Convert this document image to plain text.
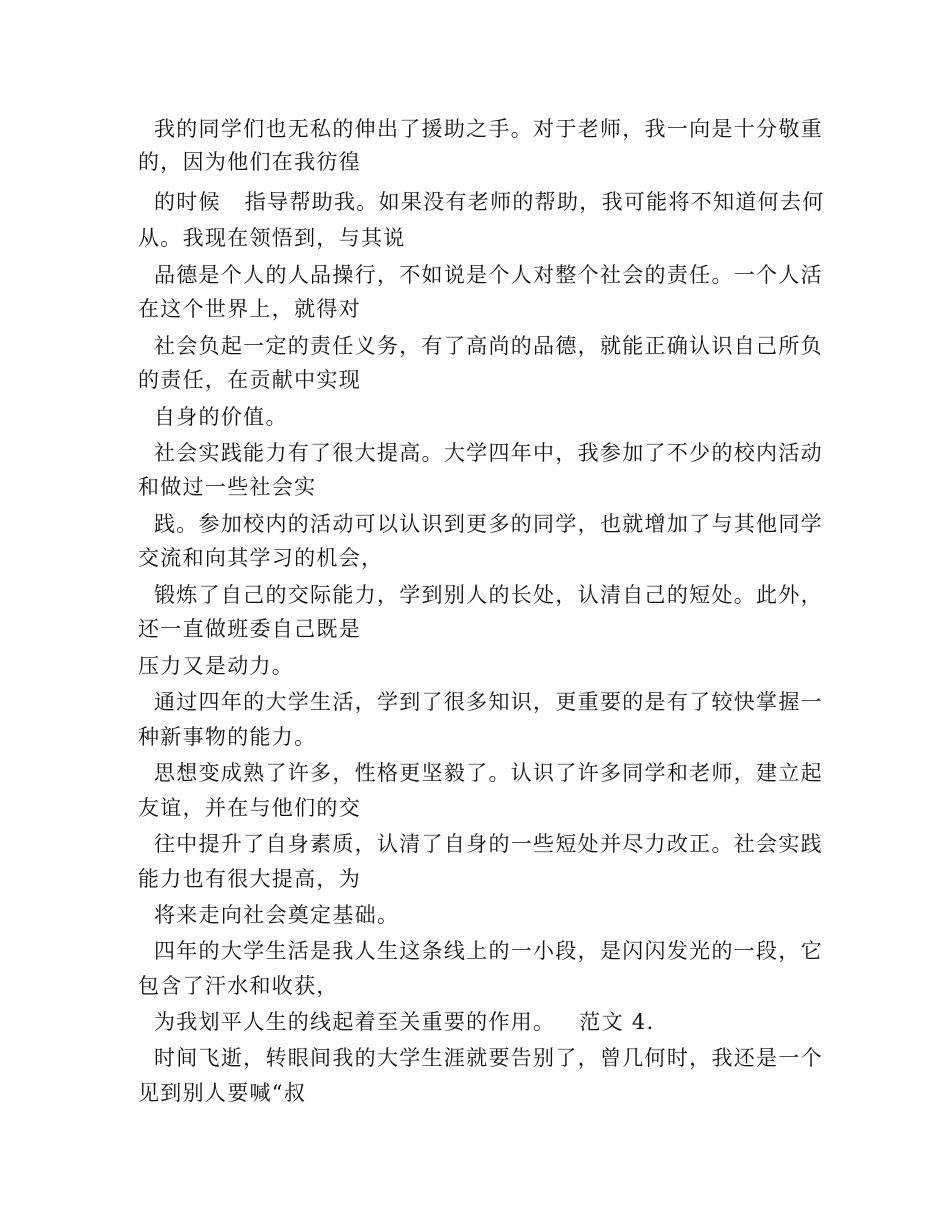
我的同学们也无私的伸出了援助之手。对于老师，我一向是十分敬重
的，因为他们在我彷徨
的时候   指导帮助我。如果没有老师的帮助，我可能将不知道何去何
从。我现在领悟到，与其说
品德是个人的人品操行，不如说是个人对整个社会的责任。一个人活
在这个世界上，就得对
社会负起一定的责任义务，有了高尚的品德，就能正确认识自己所负
的责任，在贡献中实现
自身的价值。
社会实践能力有了很大提高。大学四年中，我参加了不少的校内活动
和做过一些社会实
践。参加校内的活动可以认识到更多的同学，也就增加了与其他同学
交流和向其学习的机会，
锻炼了自己的交际能力，学到别人的长处，认清自己的短处。此外，
还一直做班委自己既是
压力又是动力。
通过四年的大学生活，学到了很多知识，更重要的是有了较快掌握一
种新事物的能力。
思想变成熟了许多，性格更坚毅了。认识了许多同学和老师，建立起
友谊，并在与他们的交
往中提升了自身素质，认清了自身的一些短处并尽力改正。社会实践
能力也有很大提高，为
将来走向社会奠定基础。
四年的大学生活是我人生这条线上的一小段，是闪闪发光的一段，它
包含了汗水和收获，
为我划平人生的线起着至关重要的作用。   范文 4.
时间飞逝，转眼间我的大学生涯就要告别了，曾几何时，我还是一个
见到别人要喊“叔
